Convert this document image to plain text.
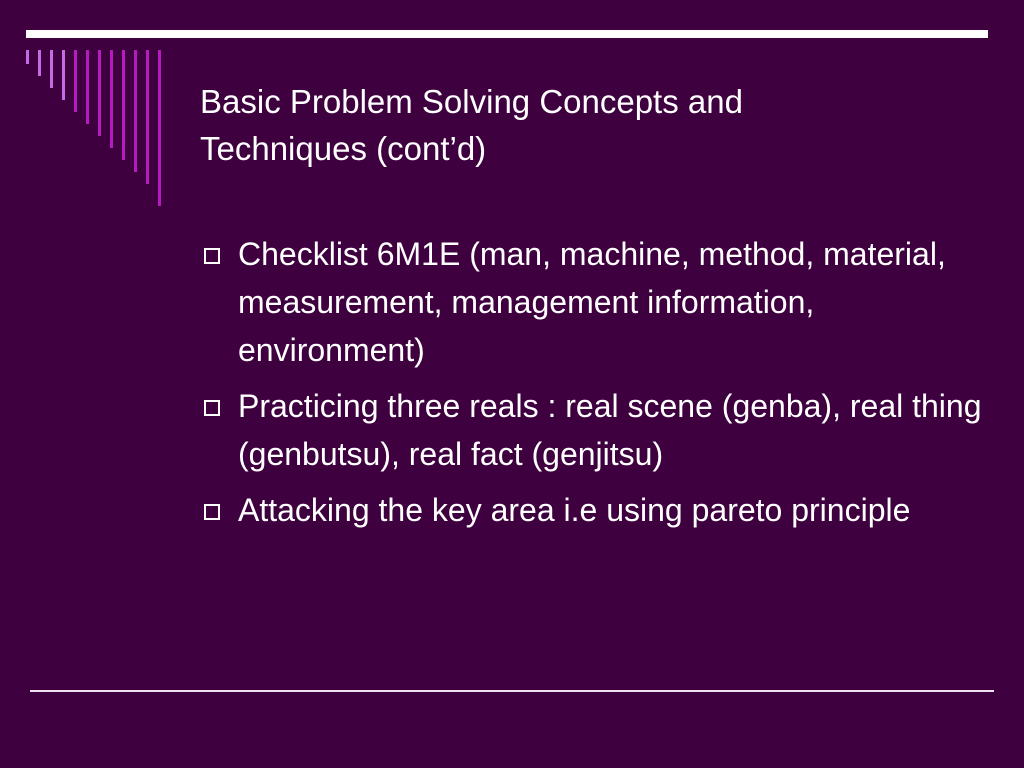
Basic Problem Solving Concepts and
Techniques (cont’d)
Checklist 6M1E (man, machine, method, material, measurement, management information, environment)
Practicing three reals : real scene (genba), real thing (genbutsu), real fact (genjitsu)
Attacking the key area i.e using pareto principle
